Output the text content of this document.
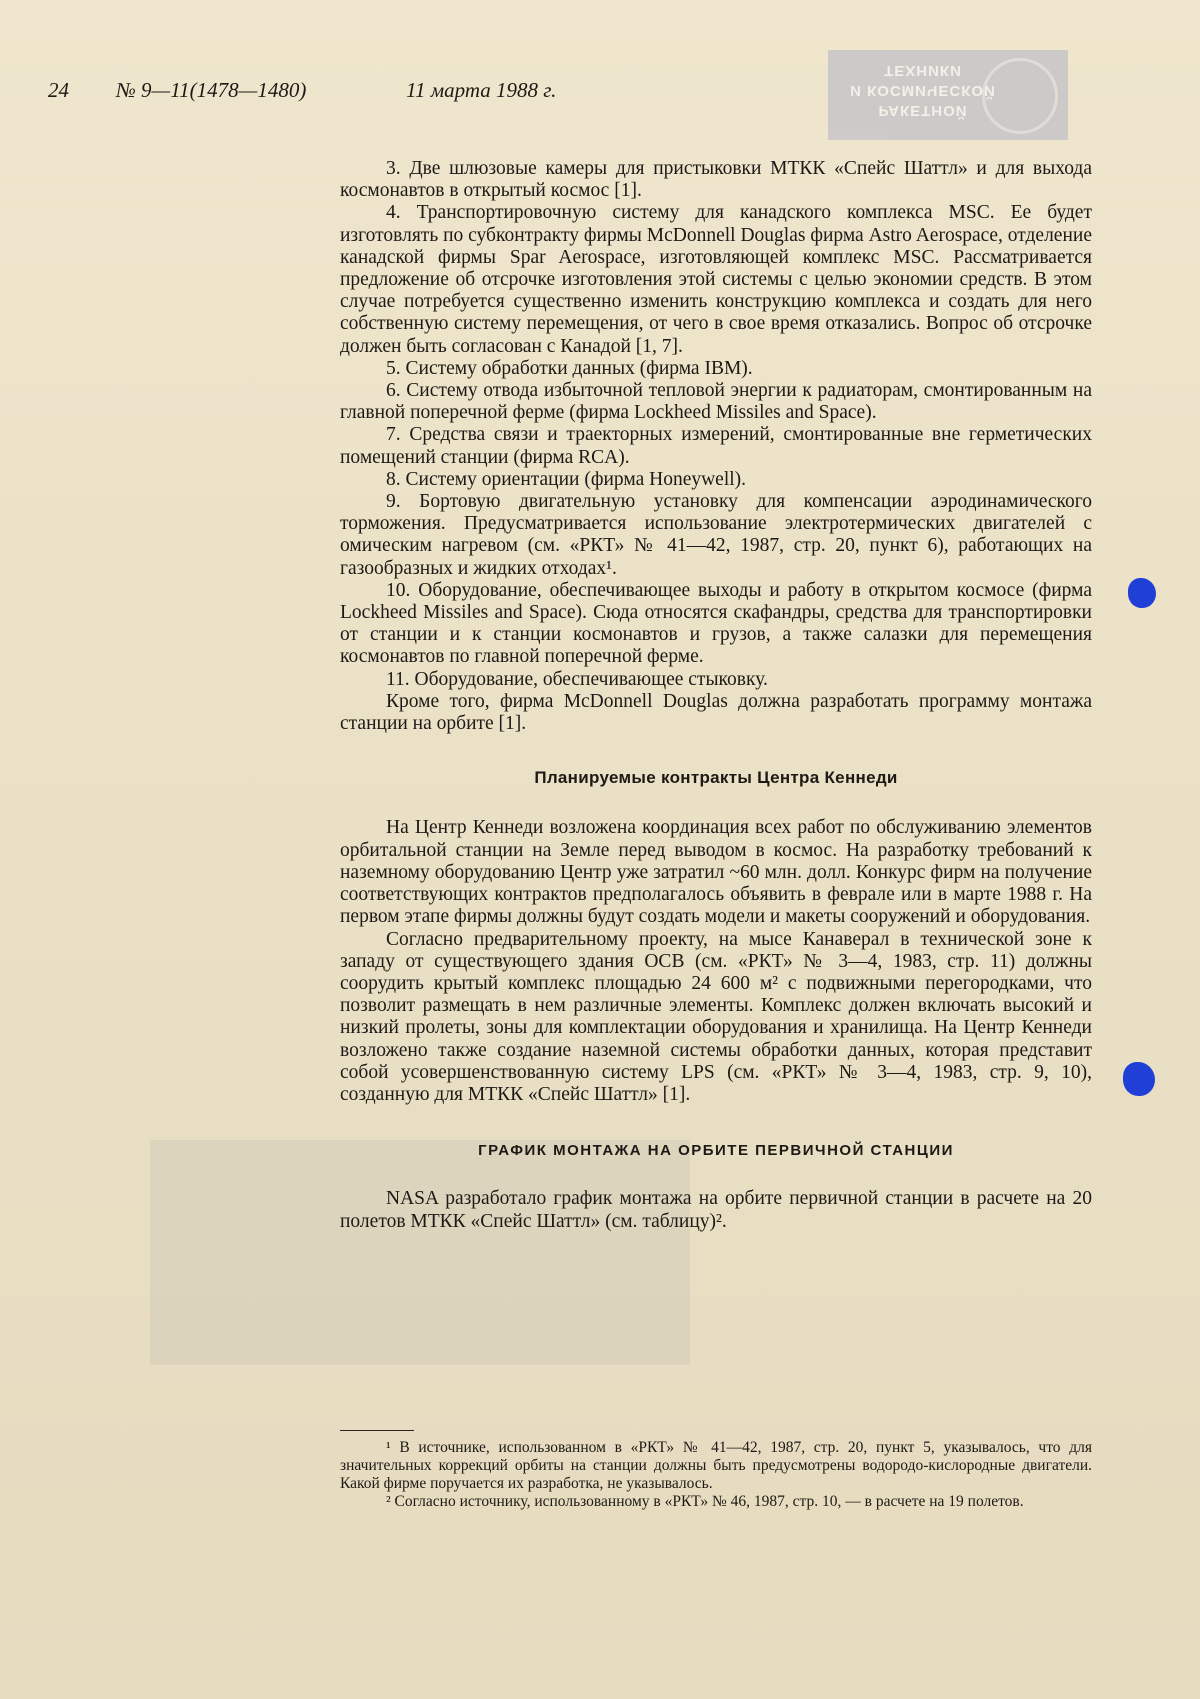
РАКЕТНОЙ
И КОСМИЧЕСКОЙ
ТЕХНИКИ
24 № 9—11(1478—1480)	11 марта 1988 г.

3. Две шлюзовые камеры для пристыковки МТКК «Спейс Шаттл» и для выхода космонавтов в открытый космос [1].

4. Транспортировочную систему для канадского комплекса MSC. Ее будет изготовлять по субконтракту фирмы McDonnell Douglas фирма Astro Aerospace, отделение канадской фирмы Spar Aerospace, изготовляющей комплекс MSC. Рассматривается предложение об отсрочке изготовления этой системы с целью экономии средств. В этом случае потребуется существенно изменить конструкцию комплекса и создать для него собственную систему перемещения, от чего в свое время отказались. Вопрос об отсрочке должен быть согласован с Канадой [1, 7].

5. Систему обработки данных (фирма IBM).

6. Систему отвода избыточной тепловой энергии к радиаторам, смонтированным на главной поперечной ферме (фирма Lockheed Missiles and Space).

7. Средства связи и траекторных измерений, смонтированные вне герметических помещений станции (фирма RCA).

8. Систему ориентации (фирма Honeywell).

9. Бортовую двигательную установку для компенсации аэродинамического торможения. Предусматривается использование электротермических двигателей с омическим нагревом (см. «РКТ» № 41—42, 1987, стр. 20, пункт 6), работающих на газообразных и жидких отходах¹.

10. Оборудование, обеспечивающее выходы и работу в открытом космосе (фирма Lockheed Missiles and Space). Сюда относятся скафандры, средства для транспортировки от станции и к станции космонавтов и грузов, а также салазки для перемещения космонавтов по главной поперечной ферме.

11. Оборудование, обеспечивающее стыковку.

Кроме того, фирма McDonnell Douglas должна разработать программу монтажа станции на орбите [1].

Планируемые контракты Центра Кеннеди

На Центр Кеннеди возложена координация всех работ по обслуживанию элементов орбитальной станции на Земле перед выводом в космос. На разработку требований к наземному оборудованию Центр уже затратил ~60 млн. долл. Конкурс фирм на получение соответствующих контрактов предполагалось объявить в феврале или в марте 1988 г. На первом этапе фирмы должны будут создать модели и макеты сооружений и оборудования.

Согласно предварительному проекту, на мысе Канаверал в технической зоне к западу от существующего здания OCB (см. «РКТ» № 3—4, 1983, стр. 11) должны соорудить крытый комплекс площадью 24 600 м² с подвижными перегородками, что позволит размещать в нем различные элементы. Комплекс должен включать высокий и низкий пролеты, зоны для комплектации оборудования и хранилища. На Центр Кеннеди возложено также создание наземной системы обработки данных, которая представит собой усовершенствованную систему LPS (см. «РКТ» № 3—4, 1983, стр. 9, 10), созданную для МТКК «Спейс Шаттл» [1].

ГРАФИК МОНТАЖА НА ОРБИТЕ ПЕРВИЧНОЙ СТАНЦИИ

NASA разработало график монтажа на орбите первичной станции в расчете на 20 полетов МТКК «Спейс Шаттл» (см. таблицу)².

¹ В источнике, использованном в «РКТ» № 41—42, 1987, стр. 20, пункт 5, указывалось, что для значительных коррекций орбиты на станции должны быть предусмотрены водородо-кислородные двигатели. Какой фирме поручается их разработка, не указывалось.

² Согласно источнику, использованному в «РКТ» № 46, 1987, стр. 10, — в расчете на 19 полетов.
